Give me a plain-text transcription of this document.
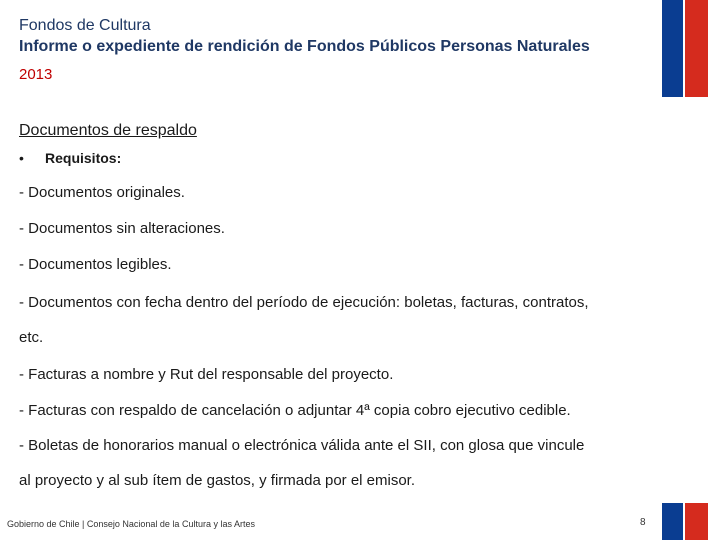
Fondos de Cultura
Informe o expediente de rendición de Fondos Públicos Personas Naturales
2013
Documentos de respaldo
• Requisitos:
- Documentos originales.
- Documentos sin alteraciones.
- Documentos legibles.
- Documentos con fecha dentro del período de ejecución: boletas, facturas, contratos,
etc.
- Facturas a nombre y Rut del responsable del proyecto.
- Facturas con respaldo de cancelación o adjuntar 4ª copia cobro ejecutivo cedible.
- Boletas de honorarios manual o electrónica válida ante el SII, con glosa que vincule
al proyecto y al sub ítem de gastos, y firmada por el emisor.
Gobierno de Chile | Consejo Nacional de la Cultura y las Artes	8
